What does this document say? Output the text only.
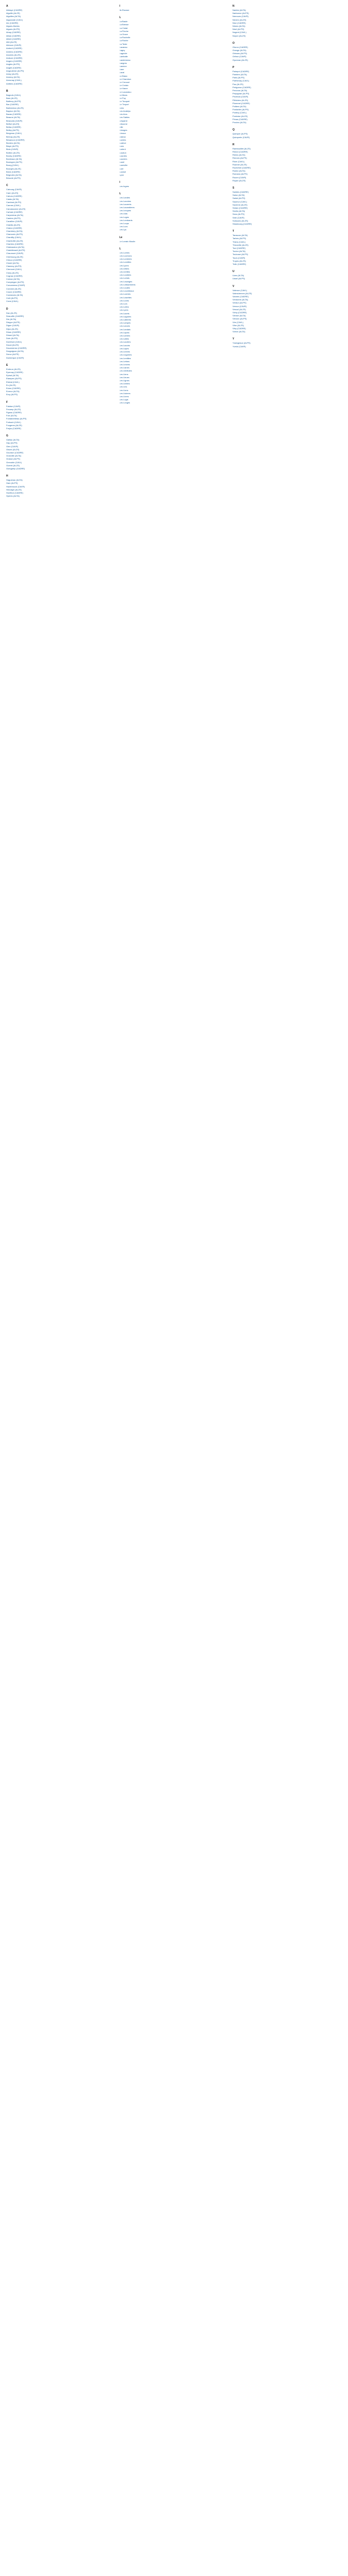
A
Abbaye (CADRE)
Aiguille (ALZS)
Aiguilles (ALTA)
Aigurande (CAVL)
Aix (CADRE)
Aigues-Mortes
Aigues (ALPS)
Ainay (CADRE)
Alban (CADRE)
Albert (CADRE)
Albi (ALZS)
Alencon (CAVR)
Ambert (CADRE)
Amiens (CADRE)
Ancenis (ALZS)
Anduze (CADRE)
Angers (CADRE)
Angles (ALPS)
Anglet (CADRE)
Angouleme (ALPS)
Anizy (ALZS)
Annecy (ALTA)
Annonay (CAVL)
Antibes (CADRE)
B
Bagnols (CAVL)
Bain (ALZS)
Balleroy (ALPS)
Bar (CADRE)
Barbezieux (ALZS)
Bayeux (ALTA)
Bazas (CADRE)
Beaune (ALTA)
Beauvais (CAVR)
Belfort (ALZS)
Bellac (CADRE)
Belley (ALPS)
Bergerac (CAVL)
Bernay (ALZS)
Besancon (CADRE)
Beziers (ALTA)
Blaye (ALPS)
Blois (CAVR)
Bolbec (ALZS)
Bondy (CADRE)
Bordeaux (ALTA)
Boulogne (ALPS)
Bourg (CAVL)
Bourges (ALZS)
Brest (CADRE)
Brignoles (ALTA)
Brioude (ALPS)
C
Cabourg (CAVR)
Caen (ALZS)
Cahors (CADRE)
Calais (ALTA)
Cambrai (ALPS)
Cannes (CAVL)
Carcassonne (ALZS)
Carhaix (CADRE)
Carpentras (ALTA)
Castres (ALPS)
Cavaillon (CAVR)
Chablis (ALZS)
Chalon (CADRE)
Chambery (ALTA)
Chamonix (ALPS)
Chantilly (CAVL)
Charleville (ALZS)
Chartres (CADRE)
Chateaudun (ALTA)
Chatellerault (ALPS)
Chaumont (CAVR)
Cherbourg (ALZS)
Chinon (CADRE)
Cholet (ALTA)
Clamecy (ALPS)
Clermont (CAVL)
Cluny (ALZS)
Cognac (CADRE)
Colmar (ALTA)
Compiegne (ALPS)
Concarneau (CAVR)
Condom (ALZS)
Cosne (CADRE)
Coutances (ALTA)
Creil (ALPS)
Crest (CAVL)
D
Dax (ALZS)
Deauville (CADRE)
Die (ALTA)
Dieppe (ALPS)
Digne (CAVR)
Dijon (ALZS)
Dinan (CADRE)
Dinard (ALTA)
Dole (ALPS)
Domfront (CAVL)
Douai (ALZS)
Douarnenez (CADRE)
Draguignan (ALTA)
Dreux (ALPS)
Dunkerque (CAVR)
E
Embrun (ALZS)
Epernay (CADRE)
Epinal (ALTA)
Etampes (ALPS)
Etretat (CAVL)
Eu (ALZS)
Evian (CADRE)
Evreux (ALTA)
Evry (ALPS)
F
Falaise (CAVR)
Fecamp (ALZS)
Figeac (CADRE)
Foix (ALTA)
Fontainebleau (ALPS)
Forbach (CAVL)
Fougeres (ALZS)
Frejus (CADRE)
G
Gaillac (ALTA)
Gap (ALPS)
Gien (CAVR)
Gisors (ALZS)
Gourdon (CADRE)
Granville (ALTA)
Grasse (ALPS)
Grenoble (CAVL)
Gueret (ALZS)
Guingamp (CADRE)
H
Haguenau (ALTA)
Ham (ALPS)
Hazebrouck (CAVR)
Hendaye (ALZS)
Honfleur (CADRE)
Hyeres (ALTA)
I
Ile-Rousse
L
La Baule
La Bresse
La Ciotat
La Fleche
La Grave
La Rochelle
La Roche
La Teste
Lacanau
Lagny
Laguiole
Lamballe
Landerneau
Langres
Lannion
Laon
Laval
Le Blanc
Le Chambon
Le Creusot
Le Croisic
Le Havre
Le Lavandou
Le Mans
Le Puy
Le Touquet
Le Treport
Lens
Les Andelys
Les Arcs
Les Sables
Lesparre
Libourne
Lille
Limoges
Limoux
Lisieux
Loches
Lodeve
Lons
Lorient
Loudun
Lourdes
Louviers
Lunel
Luneville
Lure
Luxeuil
Lyon
I
Les Ingres
L
Les Landes
Les Lanches
Les Laurents
Les Lavandieres
Les Lecques
Les Lilas
Les Loges
Les Lombards
Les Loups
Les Lucs
Les Lys
Le
Le Lorrain Moulin
L
Les Lorries
Les Lucerons
Les Lumieres
Les Lunettes
Les Lyons
Les Lilliers
Les Lirettes
Les Loubiers
Les Loriots
Les Losanges
Les Lotissements
Les Loudes
Les Louveteaux
Les Lozeres
Les Luisettes
Les Lunes
Les Lurs
Les Lutins
Les Lyres
Les Lacets
Les Lagunes
Les Laitieres
Les Lampes
Les Lances
Les Landais
Les Lapins
Les Larmes
Les Lattes
Les Lauriers
Les Lavoirs
Les Layes
Les Leches
Les Legumes
Les Lentilles
Les Lettres
Les Levees
Les Lianes
Les Libellules
Les Liens
Les Lieues
Les Lignes
Les Limites
Les Lins
Les Lions
Les Lisieres
Les Livres
Les Logis
Les Longes
N
Nantes (ALTA)
Narbonne (ALPS)
Nemours (CAVR)
Nevers (ALZS)
Nice (CADRE)
Nimes (ALTA)
Niort (ALPS)
Nogent (CAVL)
Noyon (ALZS)
O
Oloron (CADRE)
Orange (ALTA)
Orleans (ALPS)
Orthez (CAVR)
Oyonnax (ALZS)
P
Paimpol (CADRE)
Pamiers (ALTA)
Paris (ALPS)
Parthenay (CAVL)
Pau (ALZS)
Perigueux (CADRE)
Peronne (ALTA)
Perpignan (ALPS)
Pezenas (CAVR)
Pithiviers (ALZS)
Ploermel (CADRE)
Poitiers (ALTA)
Pontarlier (ALPS)
Pontivy (CAVL)
Pontoise (ALZS)
Privas (CADRE)
Provins (ALTA)
Q
Quimper (ALPS)
Quimperle (CAVR)
R
Rambouillet (ALZS)
Redon (CADRE)
Reims (ALTA)
Rennes (ALPS)
Riom (CAVL)
Roanne (ALZS)
Rochefort (CADRE)
Rodez (ALTA)
Romans (ALPS)
Rouen (CAVR)
Royan (ALZS)
S
Saintes (CADRE)
Salon (ALTA)
Sarlat (ALPS)
Saumur (CAVL)
Saverne (ALZS)
Sedan (CADRE)
Senlis (ALTA)
Sens (ALPS)
Sete (CAVR)
Soissons (ALZS)
Strasbourg (CADRE)
T
Tarascon (ALTA)
Tarbes (ALPS)
Thiers (CAVL)
Thionville (ALZS)
Toul (CADRE)
Toulon (ALTA)
Toulouse (ALPS)
Tours (CAVR)
Troyes (ALZS)
Tulle (CADRE)
U
Uzes (ALTA)
Ussel (ALPS)
V
Valence (CAVL)
Valenciennes (ALZS)
Vannes (CADRE)
Vendome (ALTA)
Verdun (ALPS)
Vernon (CAVR)
Vesoul (ALZS)
Vichy (CADRE)
Vienne (ALTA)
Vierzon (ALPS)
Vire (CAVL)
Vitre (ALZS)
Vitry (CADRE)
Voiron (ALTA)
Y
Yssingeaux (ALPS)
Yvetot (CAVR)
